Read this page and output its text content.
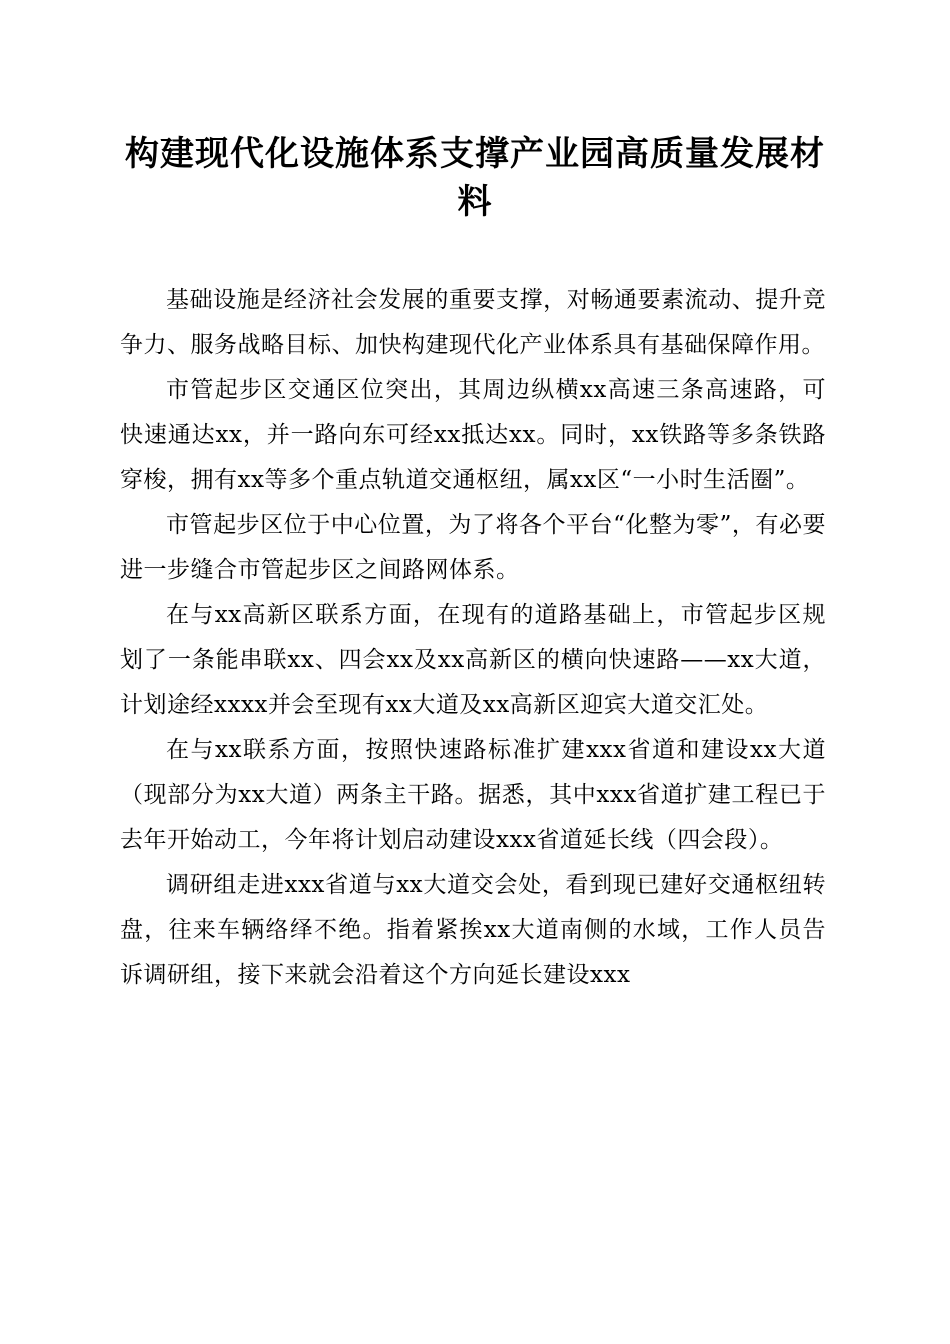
构建现代化设施体系支撑产业园高质量发展材料

基础设施是经济社会发展的重要支撑，对畅通要素流动、提升竞争力、服务战略目标、加快构建现代化产业体系具有基础保障作用。

市管起步区交通区位突出，其周边纵横xx高速三条高速路，可快速通达xx，并一路向东可经xx抵达xx。同时，xx铁路等多条铁路穿梭，拥有xx等多个重点轨道交通枢纽，属xx区“一小时生活圈”。

市管起步区位于中心位置，为了将各个平台“化整为零”，有必要进一步缝合市管起步区之间路网体系。

在与xx高新区联系方面，在现有的道路基础上，市管起步区规划了一条能串联xx、四会xx及xx高新区的横向快速路——xx大道，计划途经xxxx并会至现有xx大道及xx高新区迎宾大道交汇处。

在与xx联系方面，按照快速路标准扩建xxx省道和建设xx大道（现部分为xx大道）两条主干路。据悉，其中xxx省道扩建工程已于去年开始动工，今年将计划启动建设xxx省道延长线（四会段）。

调研组走进xxx省道与xx大道交会处，看到现已建好交通枢纽转盘，往来车辆络绎不绝。指着紧挨xx大道南侧的水域，工作人员告诉调研组，接下来就会沿着这个方向延长建设xxx
